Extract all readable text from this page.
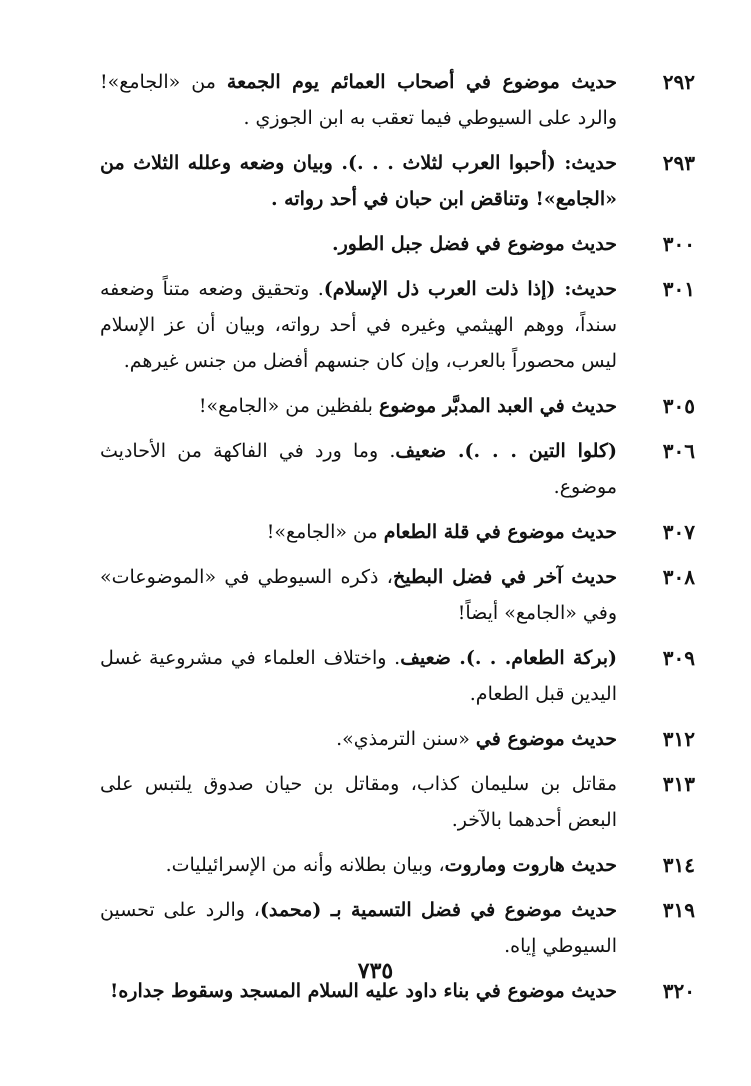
٢٩٢
حديث موضوع في أصحاب العمائم يوم الجمعة من «الجامع»! والرد على السيوطي فيما تعقب به ابن الجوزي .
٢٩٣
حديث: (أحبوا العرب لثلاث . . .). وبيان وضعه وعلله الثلاث من «الجامع»! وتناقض ابن حبان في أحد رواته .
٣٠٠
حديث موضوع في فضل جبل الطور.
٣٠١
حديث: (إذا ذلت العرب ذل الإسلام). وتحقيق وضعه متناً وضعفه سنداً، ووهم الهيثمي وغيره في أحد رواته، وبيان أن عز الإسلام ليس محصوراً بالعرب، وإن كان جنسهم أفضل من جنس غيرهم.
٣٠٥
حديث في العبد المدبَّر موضوع بلفظين من «الجامع»!
٣٠٦
(كلوا التين . . .). ضعيف. وما ورد في الفاكهة من الأحاديث موضوع.
٣٠٧
حديث موضوع في قلة الطعام من «الجامع»!
٣٠٨
حديث آخر في فضل البطيخ، ذكره السيوطي في «الموضوعات» وفي «الجامع» أيضاً!
٣٠٩
(بركة الطعام. . .). ضعيف. واختلاف العلماء في مشروعية غسل اليدين قبل الطعام.
٣١٢
حديث موضوع في «سنن الترمذي».
٣١٣
مقاتل بن سليمان كذاب، ومقاتل بن حيان صدوق يلتبس على البعض أحدهما بالآخر.
٣١٤
حديث هاروت وماروت، وبيان بطلانه وأنه من الإسرائيليات.
٣١٩
حديث موضوع في فضل التسمية بـ (محمد)، والرد على تحسين السيوطي إياه.
٣٢٠
حديث موضوع في بناء داود عليه السلام المسجد وسقوط جداره!
٧٣٥
